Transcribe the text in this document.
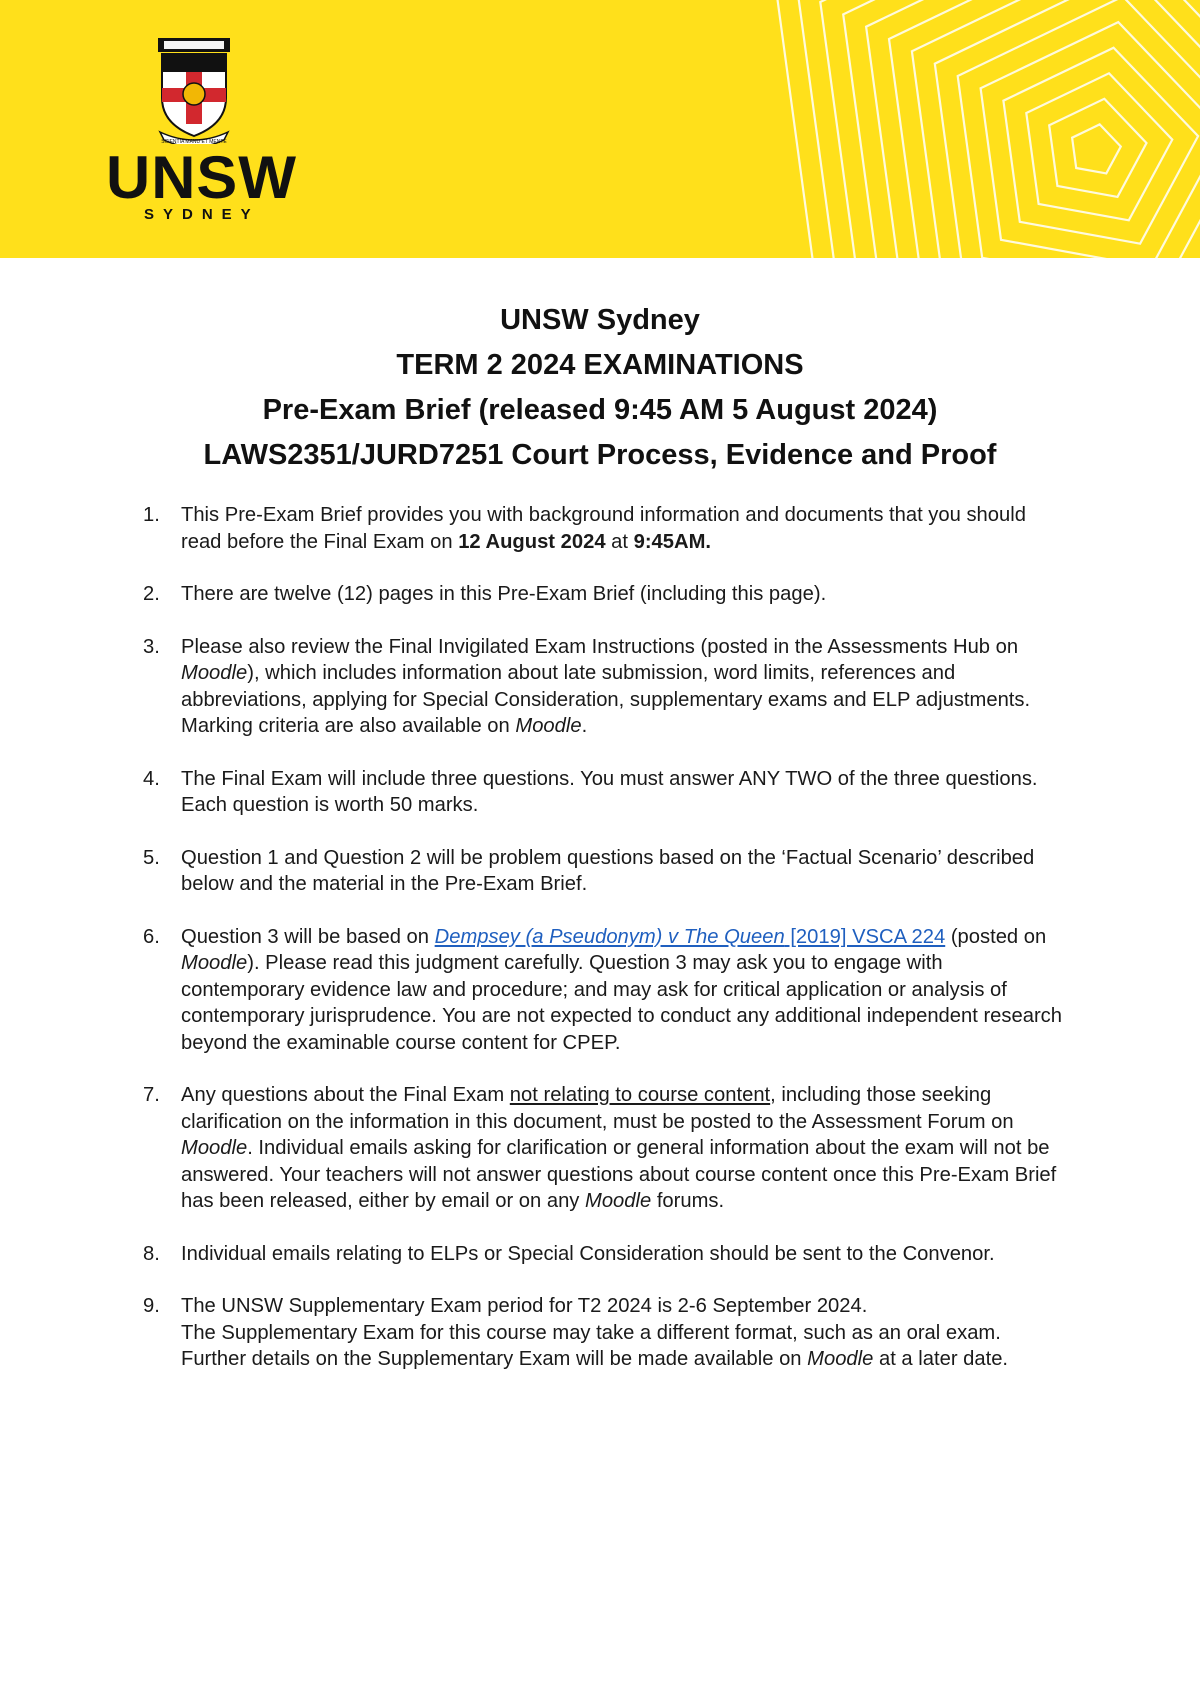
SCIENTIA MANU ET MENTE
UNSW
SYDNEY
UNSW Sydney
TERM 2 2024 EXAMINATIONS
Pre-Exam Brief (released 9:45 AM 5 August 2024)
LAWS2351/JURD7251 Court Process, Evidence and Proof
1. This Pre-Exam Brief provides you with background information and documents that you should read before the Final Exam on 12 August 2024 at 9:45AM.
2. There are twelve (12) pages in this Pre-Exam Brief (including this page).
3. Please also review the Final Invigilated Exam Instructions (posted in the Assessments Hub on Moodle), which includes information about late submission, word limits, references and abbreviations, applying for Special Consideration, supplementary exams and ELP adjustments. Marking criteria are also available on Moodle.
4. The Final Exam will include three questions. You must answer ANY TWO of the three questions. Each question is worth 50 marks.
5. Question 1 and Question 2 will be problem questions based on the ‘Factual Scenario’ described below and the material in the Pre-Exam Brief.
6. Question 3 will be based on Dempsey (a Pseudonym) v The Queen [2019] VSCA 224 (posted on Moodle). Please read this judgment carefully. Question 3 may ask you to engage with contemporary evidence law and procedure; and may ask for critical application or analysis of contemporary jurisprudence. You are not expected to conduct any additional independent research beyond the examinable course content for CPEP.
7. Any questions about the Final Exam not relating to course content, including those seeking clarification on the information in this document, must be posted to the Assessment Forum on Moodle. Individual emails asking for clarification or general information about the exam will not be answered. Your teachers will not answer questions about course content once this Pre-Exam Brief has been released, either by email or on any Moodle forums.
8. Individual emails relating to ELPs or Special Consideration should be sent to the Convenor.
9. The UNSW Supplementary Exam period for T2 2024 is 2-6 September 2024.
The Supplementary Exam for this course may take a different format, such as an oral exam. Further details on the Supplementary Exam will be made available on Moodle at a later date.
